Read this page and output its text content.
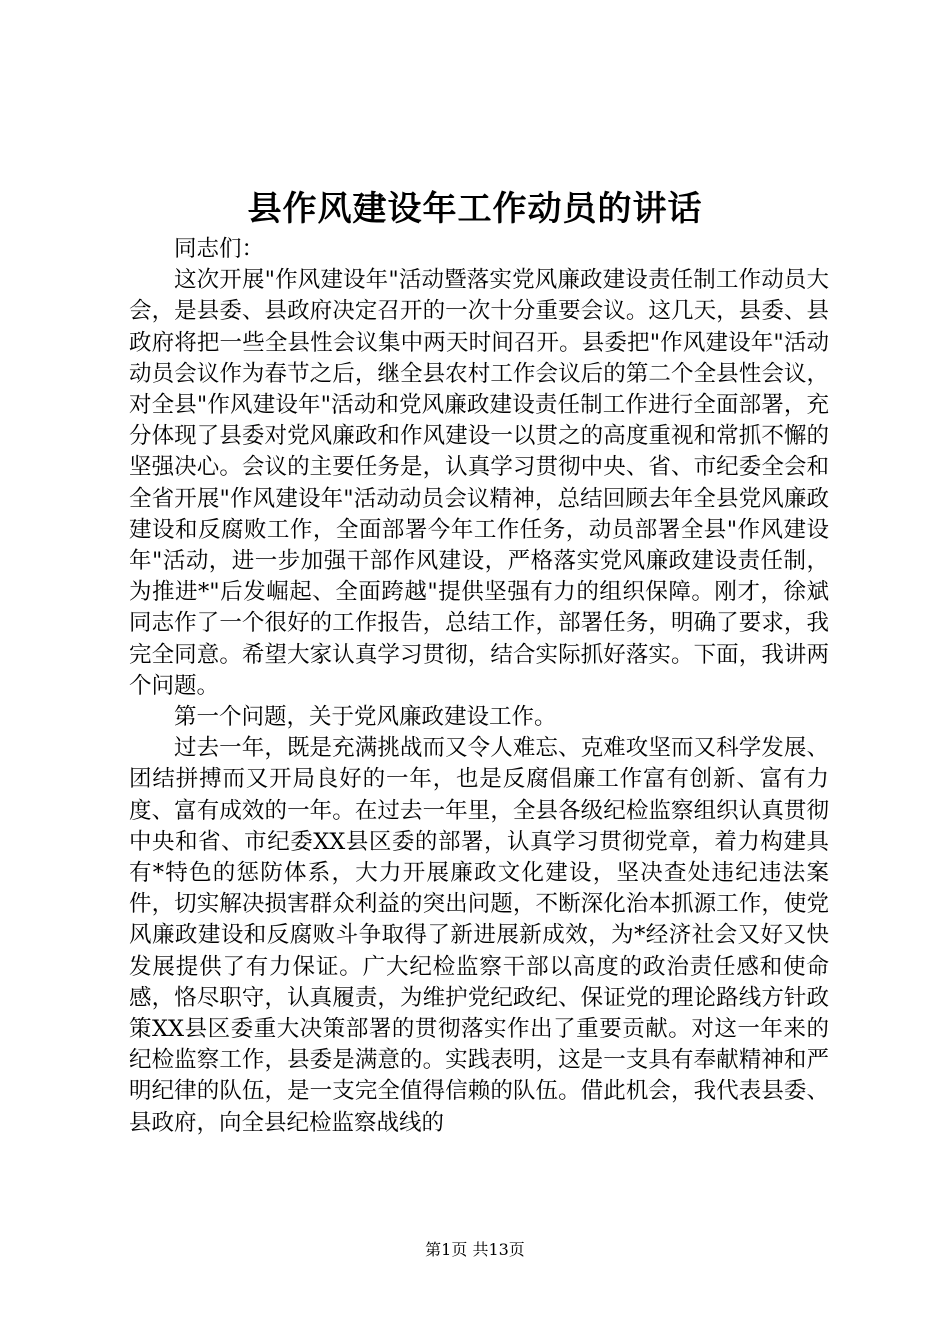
县作风建设年工作动员的讲话

同志们：

这次开展"作风建设年"活动暨落实党风廉政建设责任制工作动员大会，是县委、县政府决定召开的一次十分重要会议。这几天，县委、县政府将把一些全县性会议集中两天时间召开。县委把"作风建设年"活动动员会议作为春节之后，继全县农村工作会议后的第二个全县性会议，对全县"作风建设年"活动和党风廉政建设责任制工作进行全面部署，充分体现了县委对党风廉政和作风建设一以贯之的高度重视和常抓不懈的坚强决心。会议的主要任务是，认真学习贯彻中央、省、市纪委全会和全省开展"作风建设年"活动动员会议精神，总结回顾去年全县党风廉政建设和反腐败工作，全面部署今年工作任务，动员部署全县"作风建设年"活动，进一步加强干部作风建设，严格落实党风廉政建设责任制，为推进*"后发崛起、全面跨越"提供坚强有力的组织保障。刚才，徐斌同志作了一个很好的工作报告，总结工作，部署任务，明确了要求，我完全同意。希望大家认真学习贯彻，结合实际抓好落实。下面，我讲两个问题。

第一个问题，关于党风廉政建设工作。

过去一年，既是充满挑战而又令人难忘、克难攻坚而又科学发展、团结拼搏而又开局良好的一年，也是反腐倡廉工作富有创新、富有力度、富有成效的一年。在过去一年里，全县各级纪检监察组织认真贯彻中央和省、市纪委XX县区委的部署，认真学习贯彻党章，着力构建具有*特色的惩防体系，大力开展廉政文化建设，坚决查处违纪违法案件，切实解决损害群众利益的突出问题，不断深化治本抓源工作，使党风廉政建设和反腐败斗争取得了新进展新成效，为*经济社会又好又快发展提供了有力保证。广大纪检监察干部以高度的政治责任感和使命感，恪尽职守，认真履责，为维护党纪政纪、保证党的理论路线方针政策XX县区委重大决策部署的贯彻落实作出了重要贡献。对这一年来的纪检监察工作，县委是满意的。实践表明，这是一支具有奉献精神和严明纪律的队伍，是一支完全值得信赖的队伍。借此机会，我代表县委、县政府，向全县纪检监察战线的

第1页 共13页
